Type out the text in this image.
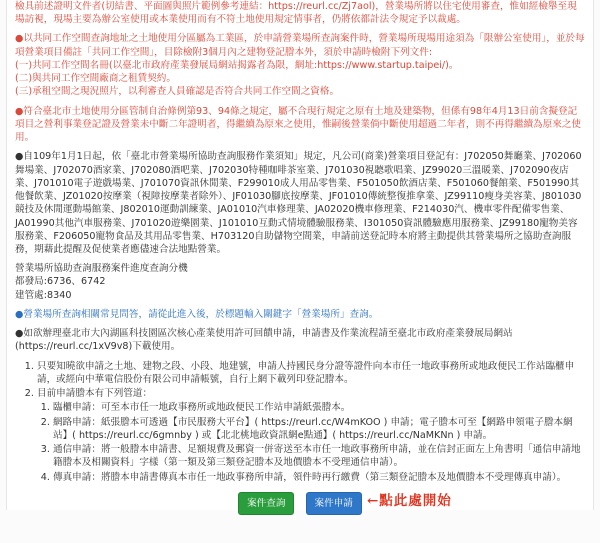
檢具前述證明文件者(切結書、平面圖與照片範例參考連結：https://reurl.cc/Zj7aol)，營業場所將以住宅使用審查，惟如經檢舉至現場訪視，現場主要為辦公室使用或本業使用而有不符土地使用規定情事者，仍將依都計法令規定予以裁處。

●以共同工作空間查詢地址之土地使用分區屬為工業區，於申請營業場所查詢案件時，營業場所現場用途須為「限辦公室使用」，並於每項營業項目備註「共同工作空間」，目除檢附3個月內之建物登記謄本外，須於申請時檢附下列文件:

(一)共同工作空間名冊(以臺北市政府產業發展局網站揭露者為限，網址:https://www.startup.taipei/)。

(二)與共同工作空間廠商之租賃契約。

(三)承租空間之現況照片，以利審查人員確認是否符合共同工作空間之資格。

●符合臺北市土地使用分區管制自治條例第93、94條之規定，屬不合現行規定之原有土地及建築物，但係有98年4月13日前含擬登記項目之營利事業登記證及營業未中斷二年證明者，得繼續為原來之使用，惟嗣後營業倘中斷使用超過二年者，則不再得繼續為原來之使用。

●自109年1月1日起，依「臺北市營業場所協助查詢服務作業須知」規定，凡公司(商業)營業項目登記有：J702050舞廳業、J702060舞場業、J702070酒家業、J702080酒吧業、J702030特種咖啡茶室業、J701030視聽歌唱業、JZ99020三溫暖業、J702090夜店業、J701010電子遊戲場業、J701070資訊休閒業、F299010成人用品零售業、F501050飲酒店業、F501060餐館業、F501990其他餐飲業、JZ01020按摩業（視障按摩業者除外）、JF01030腳底按摩業、JF01010傳統整復推拿業、JZ99110瘦身美容業、J801030競技及休閒運動場館業、J802010運動訓練業、JA01010汽車修理業、JA02020機車修理業、F214030汽、機車零件配備零售業、JA01990其他汽車服務業、J701020遊樂園業、J101010互動式情境體驗服務業、I301050資訊體驗應用服務業、JZ99180寵物美容服務業、F206050寵物食品及其用品零售業、H703120自助儲物空間業，申請前送登記時本府將主動提供其營業場所之協助查詢服務，期藉此提醒及促使業者應儘速合法地點營業。

營業場所協助查詢服務案件進度查詢分機

都發局:6736、6742

建管處:8340

●營業場所查詢相關常見問答，請從此進入後，於標題輸入關鍵字「營業場所」查詢。

●如欲辦理臺北市大內湖區科技園區次核心產業使用許可回饋申請，申請書及作業流程請至臺北市政府產業發展局網站(https://reurl.cc/1xV9v8)下載使用。

1. 只要知曉欲申請之土地、建物之段、小段、地建號，申請人持國民身分證等證件向本市任一地政事務所或地政便民工作站臨櫃申請，或經向中華電信股份有限公司申請帳號，自行上網下載列印登記謄本。
2. 目前申請謄本有下列管道：
1. 臨櫃申請：可至本市任一地政事務所或地政便民工作站申請紙張謄本。
2. 網路申請：紙張謄本可透過【市民服務大平台】( https://reurl.cc/W4mKOO ) 申請；電子謄本可至【網路申領電子謄本網站】( https://reurl.cc/6gmnby ) 或【北北桃地政資訊網e點通】( https://reurl.cc/NaMKNn ) 申請。
3. 通信申請：將一般謄本申請書、足額規費及郵資一併寄送至本市任一地政事務所申請，並在信封正面左上角書明「通信申請地籍謄本及相關資料」字樣（第一類及第三類登記謄本及地價謄本不受理通信申請）。
4. 傳真申請：將謄本申請書傳真本市任一地政事務所申請，領件時再行繳費（第三類登記謄本及地價謄本不受理傳真申請）。
案件查詢	案件申請	←點此處開始
